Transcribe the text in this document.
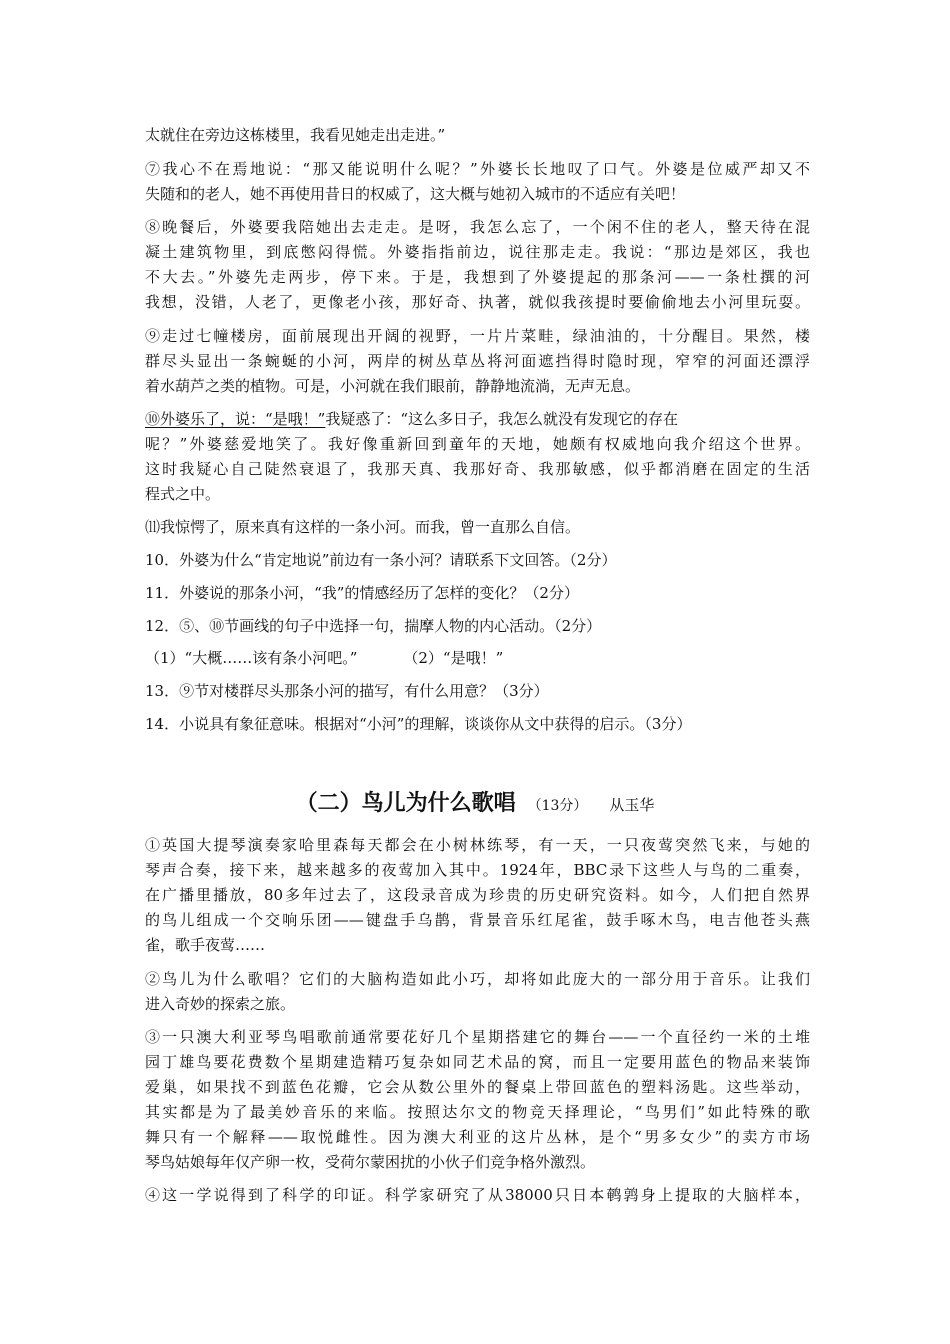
太就住在旁边这栋楼里，我看见她走出走进。”
⑦我心不在焉地说：“那又能说明什么呢？”外婆长长地叹了口气。外婆是位威严却又不
失随和的老人，她不再使用昔日的权威了，这大概与她初入城市的不适应有关吧！
⑧晚餐后，外婆要我陪她出去走走。是呀，我怎么忘了，一个闲不住的老人，整天待在混
凝土建筑物里，到底憋闷得慌。外婆指指前边，说往那走走。我说：“那边是郊区，我也
不大去。”外婆先走两步，停下来。于是，我想到了外婆提起的那条河——一条杜撰的河
我想，没错，人老了，更像老小孩，那好奇、执著，就似我孩提时要偷偷地去小河里玩耍。
⑨走过七幢楼房，面前展现出开阔的视野，一片片菜畦，绿油油的，十分醒目。果然，楼
群尽头显出一条蜿蜒的小河，两岸的树丛草丛将河面遮挡得时隐时现，窄窄的河面还漂浮
着水葫芦之类的植物。可是，小河就在我们眼前，静静地流淌，无声无息。
⑩外婆乐了，说：“是哦！”我疑惑了：“这么多日子，我怎么就没有发现它的存在
呢？”外婆慈爱地笑了。我好像重新回到童年的天地，她颇有权威地向我介绍这个世界。
这时我疑心自己陡然衰退了，我那天真、我那好奇、我那敏感，似乎都消磨在固定的生活
程式之中。
⑾我惊愕了，原来真有这样的一条小河。而我，曾一直那么自信。
10．外婆为什么“肯定地说”前边有一条小河？请联系下文回答。（2分）
11．外婆说的那条小河，“我”的情感经历了怎样的变化？（2分）
12．⑤、⑩节画线的句子中选择一句，揣摩人物的内心活动。（2分）
（1）“大概……该有条小河吧。”	（2）“是哦！”
13．⑨节对楼群尽头那条小河的描写，有什么用意？（3分）
14．小说具有象征意味。根据对“小河”的理解，谈谈你从文中获得的启示。（3分）
（二）鸟儿为什么歌唱 （13分） 从玉华
①英国大提琴演奏家哈里森每天都会在小树林练琴，有一天，一只夜莺突然飞来，与她的
琴声合奏，接下来，越来越多的夜莺加入其中。1924年，BBC录下这些人与鸟的二重奏，
在广播里播放，80多年过去了，这段录音成为珍贵的历史研究资料。如今，人们把自然界
的鸟儿组成一个交响乐团——键盘手乌鹊，背景音乐红尾雀，鼓手啄木鸟，电吉他苍头燕
雀，歌手夜莺……
②鸟儿为什么歌唱？它们的大脑构造如此小巧，却将如此庞大的一部分用于音乐。让我们
进入奇妙的探索之旅。
③一只澳大利亚琴鸟唱歌前通常要花好几个星期搭建它的舞台——一个直径约一米的土堆
园丁雄鸟要花费数个星期建造精巧复杂如同艺术品的窝，而且一定要用蓝色的物品来装饰
爱巢，如果找不到蓝色花瓣，它会从数公里外的餐桌上带回蓝色的塑料汤匙。这些举动，
其实都是为了最美妙音乐的来临。按照达尔文的物竞天择理论，“鸟男们”如此特殊的歌
舞只有一个解释——取悦雌性。因为澳大利亚的这片丛林，是个“男多女少”的卖方市场
琴鸟姑娘每年仅产卵一枚，受荷尔蒙困扰的小伙子们竞争格外激烈。
④这一学说得到了科学的印证。科学家研究了从38000只日本鹌鹑身上提取的大脑样本，
